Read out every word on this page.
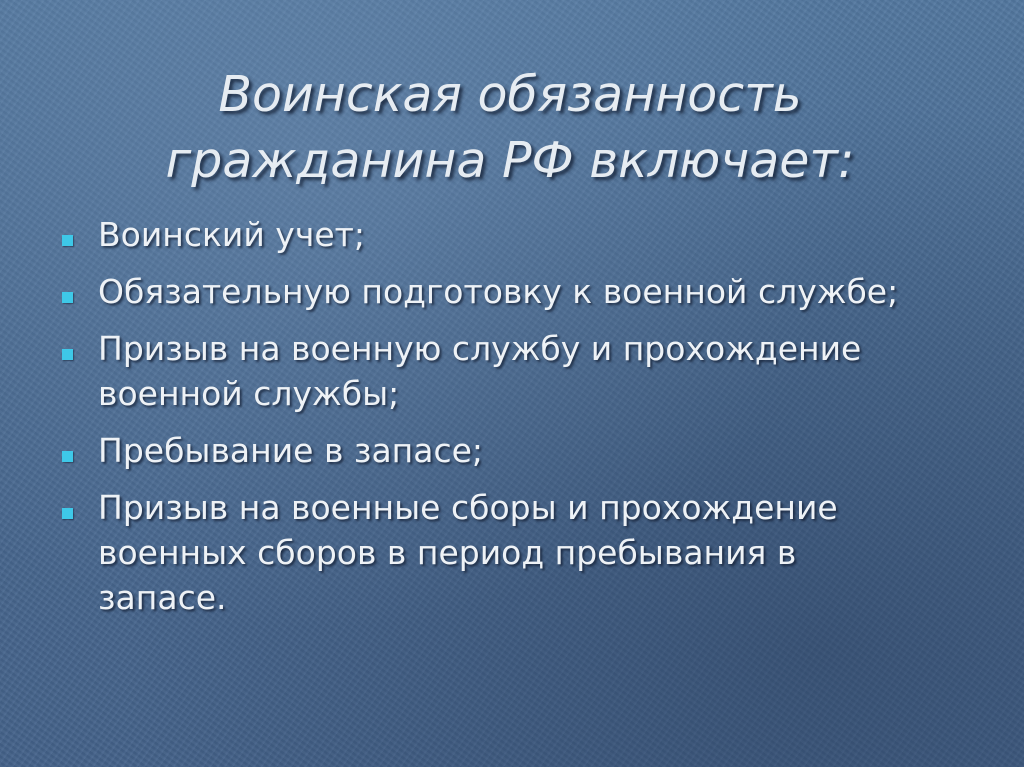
Воинская обязанность
гражданина РФ включает:
Воинский учет;
Обязательную подготовку к военной службе;
Призыв на военную службу и прохождение
военной службы;
Пребывание в запасе;
Призыв на военные сборы и прохождение
военных сборов в период пребывания в
запасе.
